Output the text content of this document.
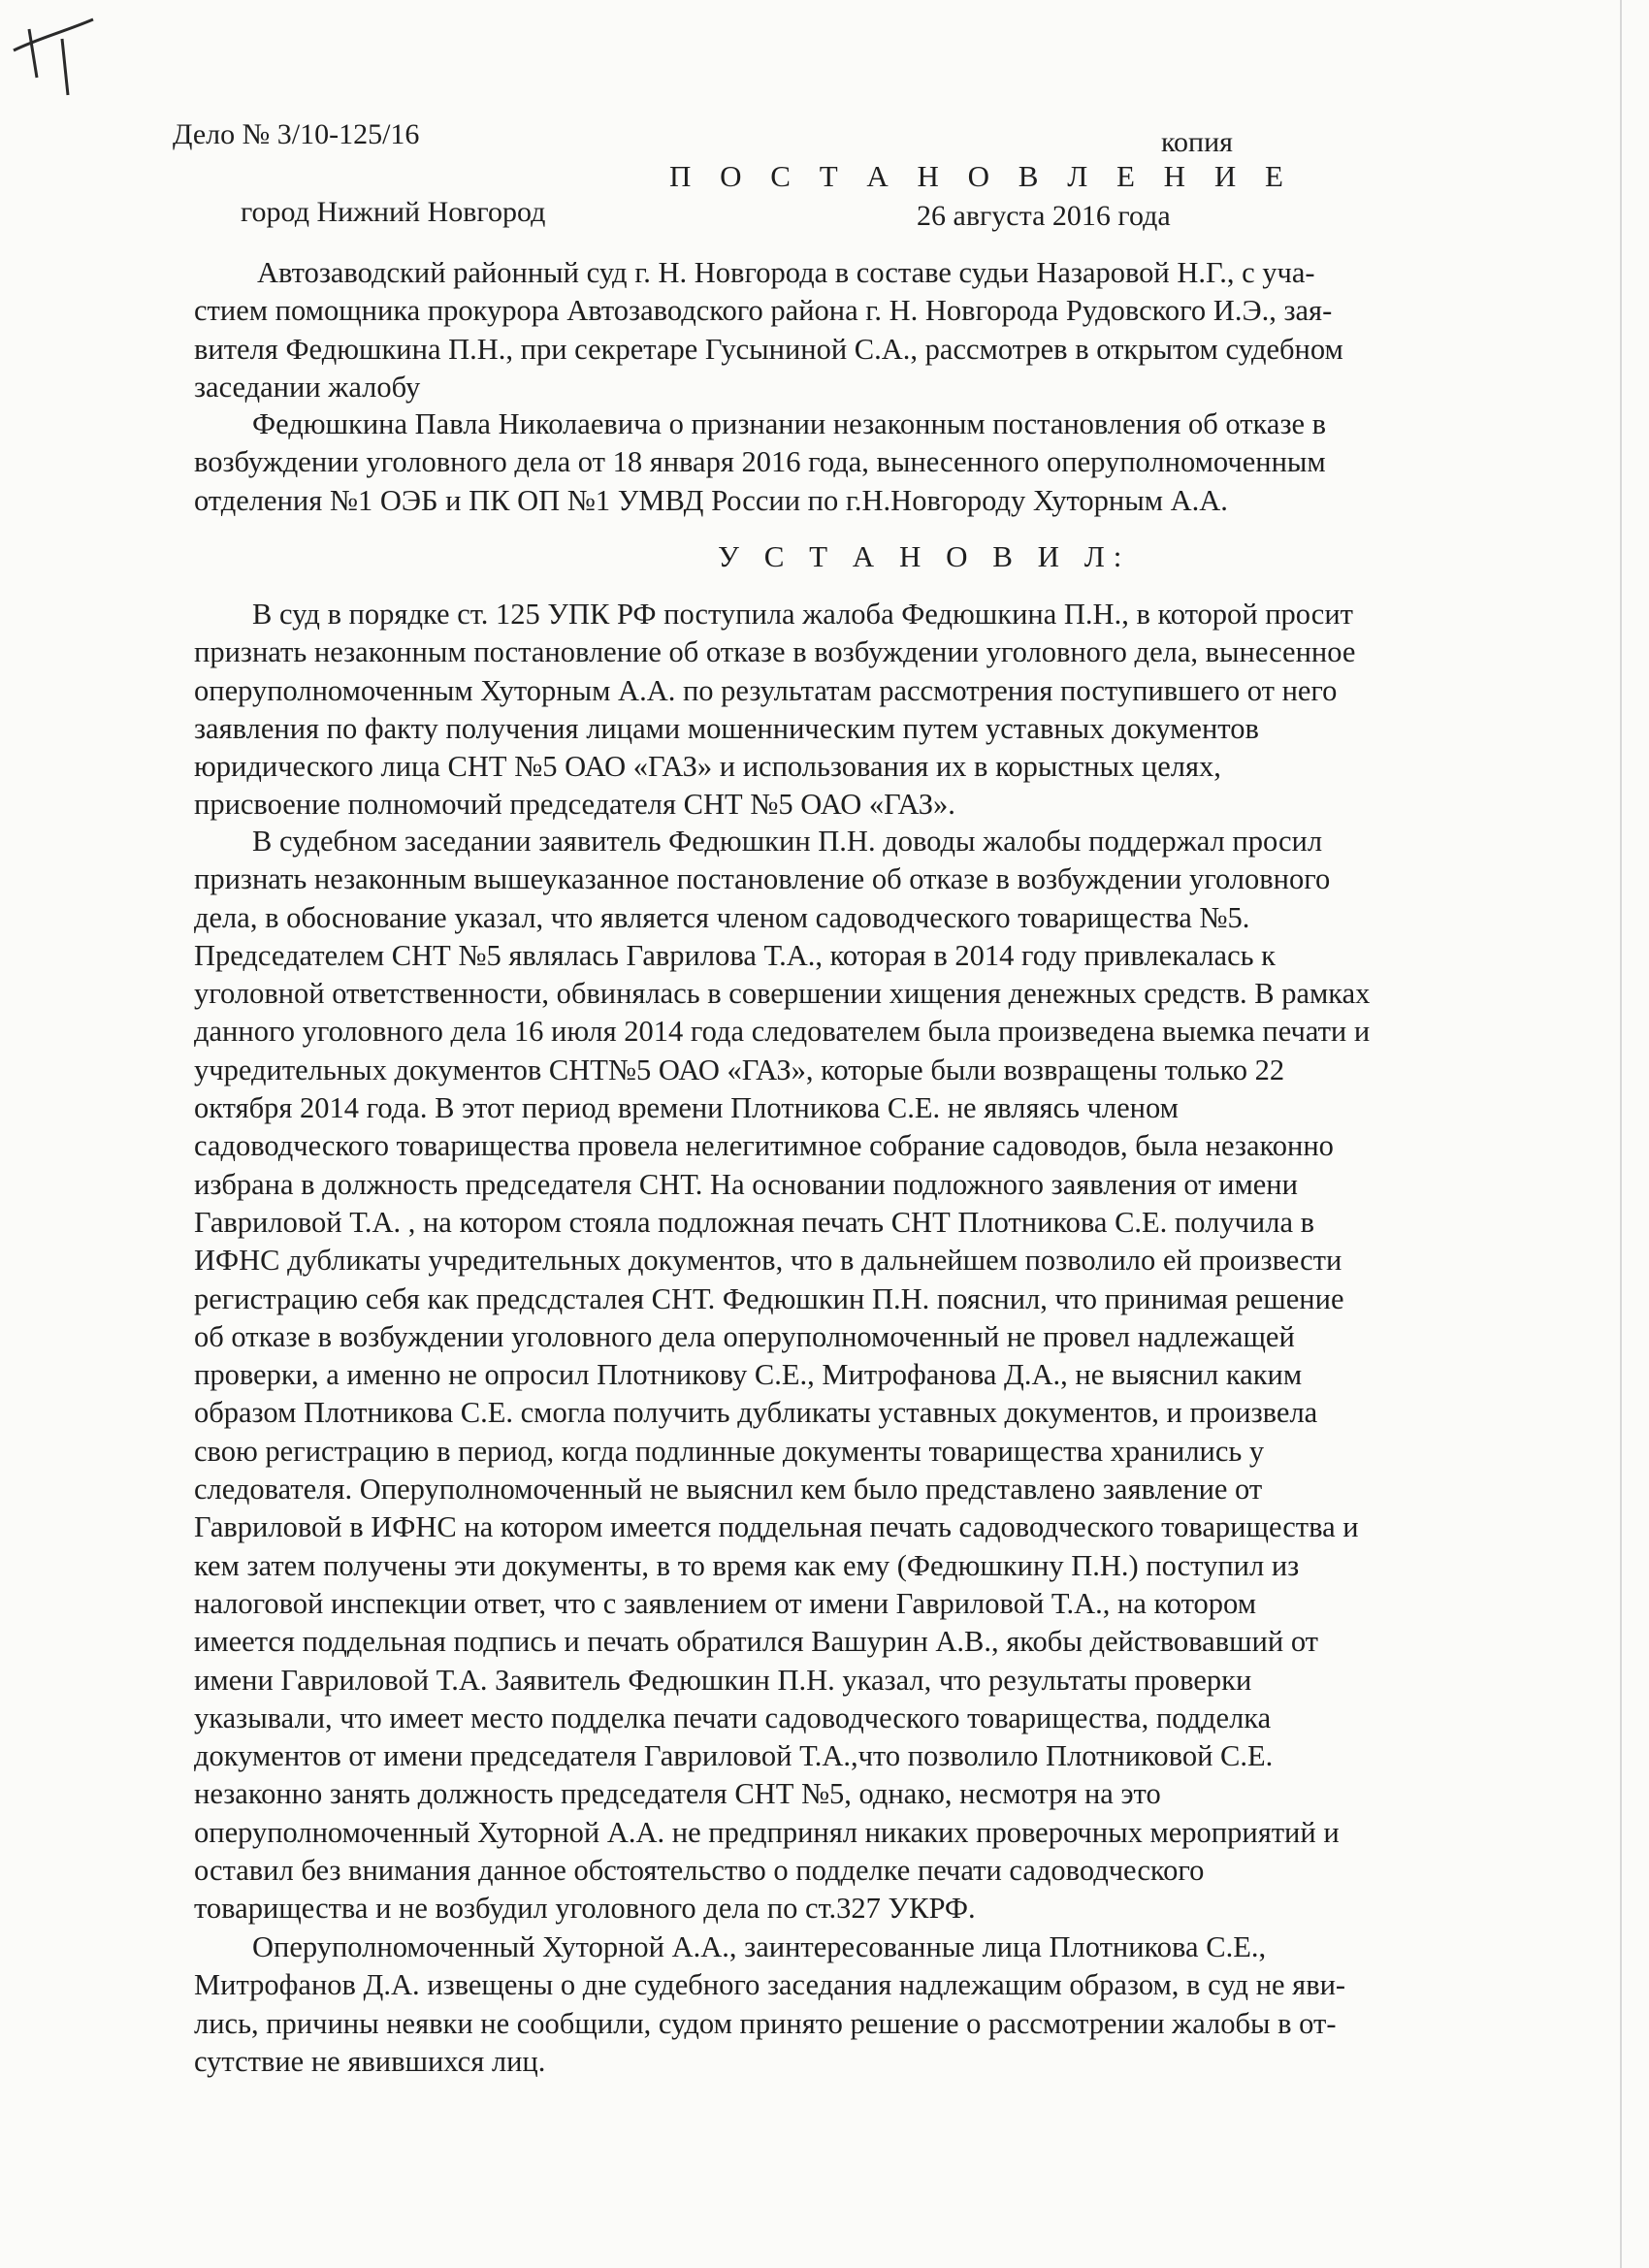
Дело № 3/10-125/16	копия
П О С Т А Н О В Л Е Н И Е
город Нижний Новгород	26 августа 2016 года

Автозаводский районный суд г. Н. Новгорода в составе судьи Назаровой Н.Г., с уча-
стием помощника прокурора Автозаводского района г. Н. Новгорода Рудовского И.Э., зая-
вителя Федюшкина П.Н., при секретаре Гусыниной С.А., рассмотрев в открытом судебном
заседании жалобу

Федюшкина Павла Николаевича о признании незаконным постановления об отказе в
возбуждении уголовного дела от 18 января 2016 года, вынесенного оперуполномоченным
отделения №1 ОЭБ и ПК ОП №1 УМВД России по г.Н.Новгороду Хуторным А.А.

У С Т А Н О В И Л:

В суд в порядке ст. 125 УПК РФ поступила жалоба Федюшкина П.Н., в которой просит
признать незаконным постановление об отказе в возбуждении уголовного дела, вынесенное
оперуполномоченным Хуторным А.А. по результатам рассмотрения поступившего от него
заявления по факту получения лицами мошенническим путем уставных документов
юридического лица СНТ №5 ОАО «ГАЗ» и использования их в корыстных целях,
присвоение полномочий председателя СНТ №5 ОАО «ГАЗ».

В судебном заседании заявитель Федюшкин П.Н. доводы жалобы поддержал просил
признать незаконным вышеуказанное постановление об отказе в возбуждении уголовного
дела, в обоснование указал, что является членом садоводческого товарищества №5.
Председателем СНТ №5 являлась Гаврилова Т.А., которая в 2014 году привлекалась к
уголовной ответственности, обвинялась в совершении хищения денежных средств. В рамках
данного уголовного дела 16 июля 2014 года следователем была произведена выемка печати и
учредительных документов СНТ№5 ОАО «ГАЗ», которые были возвращены только 22
октября 2014 года. В этот период времени Плотникова С.Е. не являясь членом
садоводческого товарищества провела нелегитимное собрание садоводов, была незаконно
избрана в должность председателя СНТ. На основании подложного заявления от имени
Гавриловой Т.А. , на котором стояла подложная печать СНТ Плотникова С.Е. получила в
ИФНС дубликаты учредительных документов, что в дальнейшем позволило ей произвести
регистрацию себя как предсдсталея СНТ. Федюшкин П.Н. пояснил, что принимая решение
об отказе в возбуждении уголовного дела оперуполномоченный не провел надлежащей
проверки, а именно не опросил Плотникову С.Е., Митрофанова Д.А., не выяснил каким
образом Плотникова С.Е. смогла получить дубликаты уставных документов, и произвела
свою регистрацию в период, когда подлинные документы товарищества хранились у
следователя. Оперуполномоченный не выяснил кем было представлено заявление от
Гавриловой в ИФНС на котором имеется поддельная печать садоводческого товарищества и
кем затем получены эти документы, в то время как ему (Федюшкину П.Н.) поступил из
налоговой инспекции ответ, что с заявлением от имени Гавриловой Т.А., на котором
имеется поддельная подпись и печать обратился Вашурин А.В., якобы действовавший от
имени Гавриловой Т.А. Заявитель Федюшкин П.Н. указал, что результаты проверки
указывали, что имеет место подделка печати садоводческого товарищества, подделка
документов от имени председателя Гавриловой Т.А.,что позволило Плотниковой С.Е.
незаконно занять должность председателя СНТ №5, однако, несмотря на это
оперуполномоченный Хуторной А.А. не предпринял никаких проверочных мероприятий и
оставил без внимания данное обстоятельство о подделке печати садоводческого
товарищества и не возбудил уголовного дела по ст.327 УКРФ.

Оперуполномоченный Хуторной А.А., заинтересованные лица Плотникова С.Е.,
Митрофанов Д.А. извещены о дне судебного заседания надлежащим образом, в суд не яви-
лись, причины неявки не сообщили, судом принято решение о рассмотрении жалобы в от-
сутствие не явившихся лиц.
